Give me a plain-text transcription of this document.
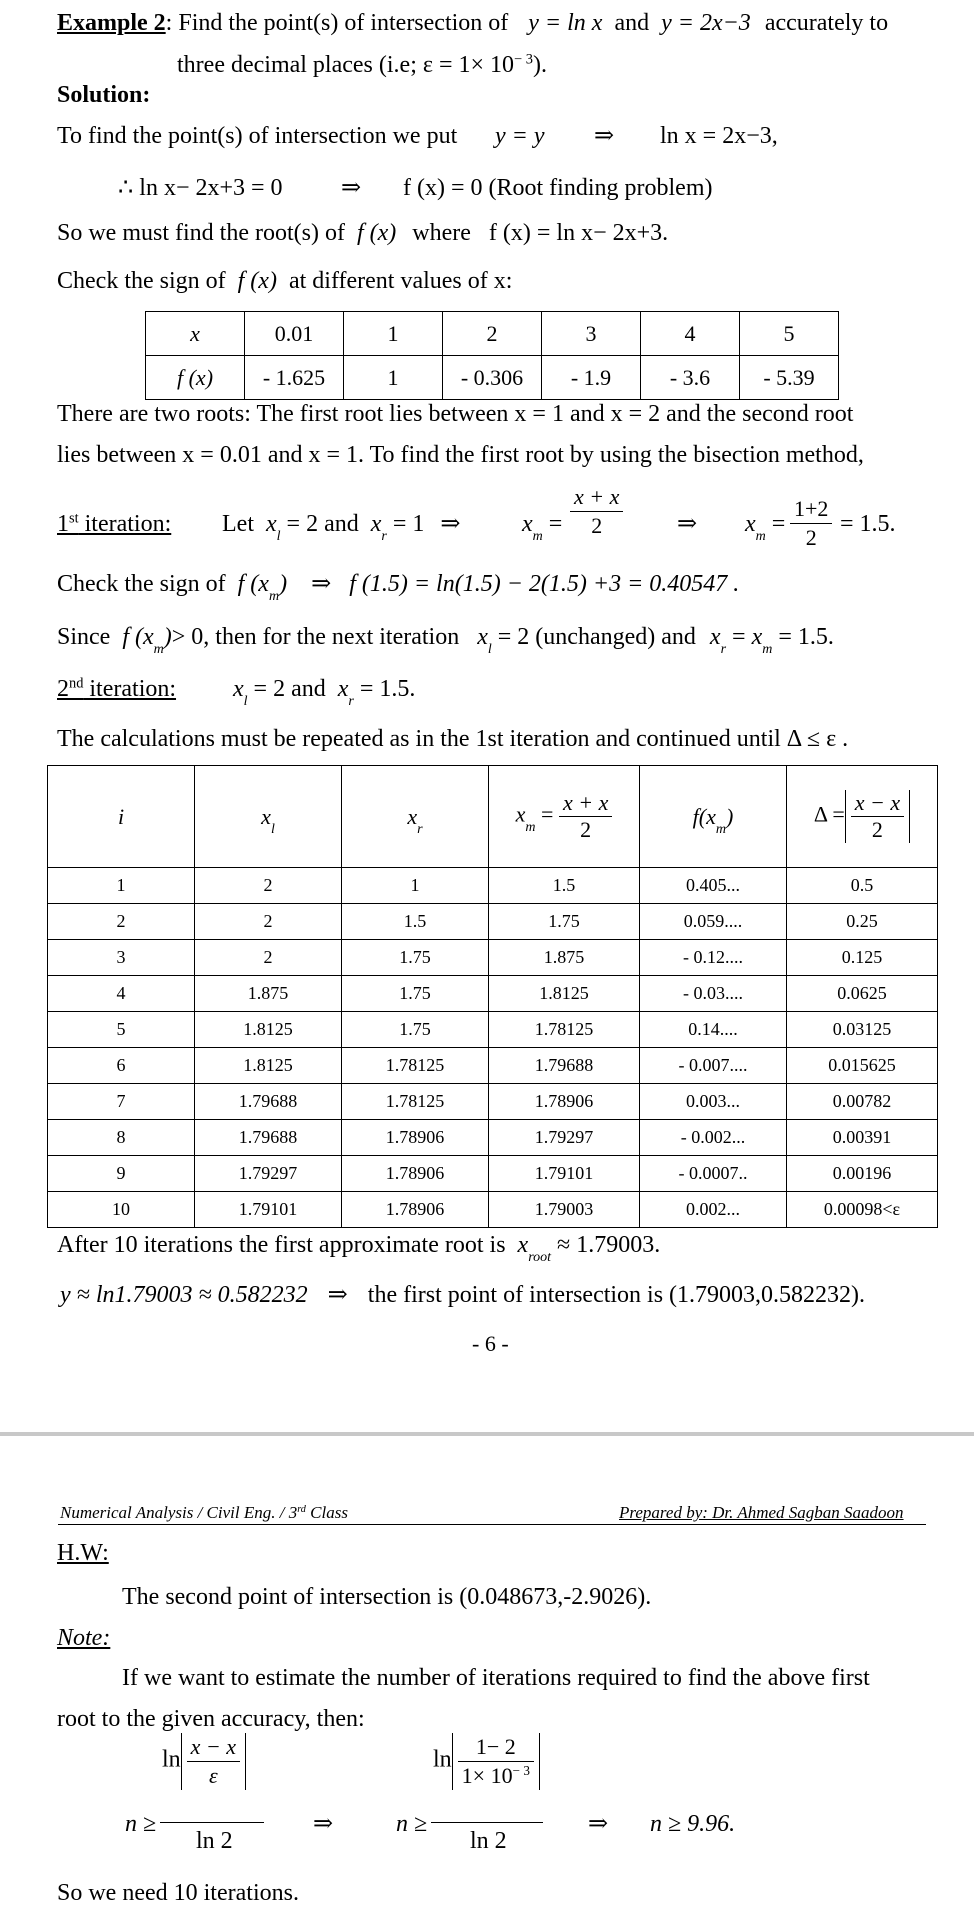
Example 2: Find the point(s) of intersection of y = ln x and y = 2x−3 accurately to
three decimal places (i.e; $\varepsilon = 1\times 10^{- 3}$).
Solution:
To find the point(s) of intersection we put y = y ⇒ ln x = 2x−3,
∴ ln x− 2x+3 = 0 ⇒ f (x) = 0 (Root finding problem)
So we must find the root(s) of f (x) where f (x) = ln x− 2x+3.
Check the sign of f (x) at different values of x:
x	0.01	1	2	3	4	5
f (x)	- 1.625	1	- 0.306	- 1.9	- 3.6	- 5.39
There are two roots: The first root lies between x = 1 and x = 2 and the second root
lies between x = 0.01 and x = 1. To find the first root by using the bisection method,
1st iteration: Let $x_l = 2$ and $x_r = 1$ ⇒	$x_m = \frac{x + x}{2}$ ⇒ $x_m = \frac{1+2}{2} = 1.5$.
Check the sign of f $(x_m)$ ⇒ f (1.5) = ln(1.5) − 2(1.5) +3 = 0.40547 .
Since f $(x_m)> 0$, then for the next iteration $x_l = 2$ (unchanged) and $x_r = x_m = 1.5$.
2nd iteration: $x_l = 2$ and $x_r = 1.5$.
The calculations must be repeated as in the 1st iteration and continued until Δ ≤ ε .
i	$x_l$	$x_r$	$x_m = \frac{x + x}{2}$	$f(x_m)$	$\Delta = \frac{x - x}{2}$

1	2	1	1.5	0.405...	0.5
2	2	1.5	1.75	0.059....	0.25
3	2	1.75	1.875	- 0.12....	0.125
4	1.875	1.75	1.8125	- 0.03....	0.0625
5	1.8125	1.75	1.78125	0.14....	0.03125
6	1.8125	1.78125	1.79688	- 0.007....	0.015625
7	1.79688	1.78125	1.78906	0.003...	0.00782
8	1.79688	1.78906	1.79297	- 0.002...	0.00391
9	1.79297	1.78906	1.79101	- 0.0007..	0.00196
10	1.79101	1.78906	1.79003	0.002...	0.00098<ε
After 10 iterations the first approximate root is $x_{root} \approx 1.79003$.
y ≈ ln1.79003 ≈ 0.582232 ⇒ the first point of intersection is (1.79003,0.582232).
- 6 -
Numerical Analysis / Civil Eng. / 3rd Class	Prepared by: Dr. Ahmed Sagban Saadoon
H.W:
The second point of intersection is (0.048673,-2.9026).
Note:
If we want to estimate the number of iterations required to find the above first
root to the given accuracy, then:
n ≥
$\ln \frac{x - x}{\varepsilon}$
ln 2
⇒	n ≥
$\ln \frac{1- 2}{1\times 10^{- 3}}$
ln 2
⇒ n ≥ 9.96.
So we need 10 iterations.
